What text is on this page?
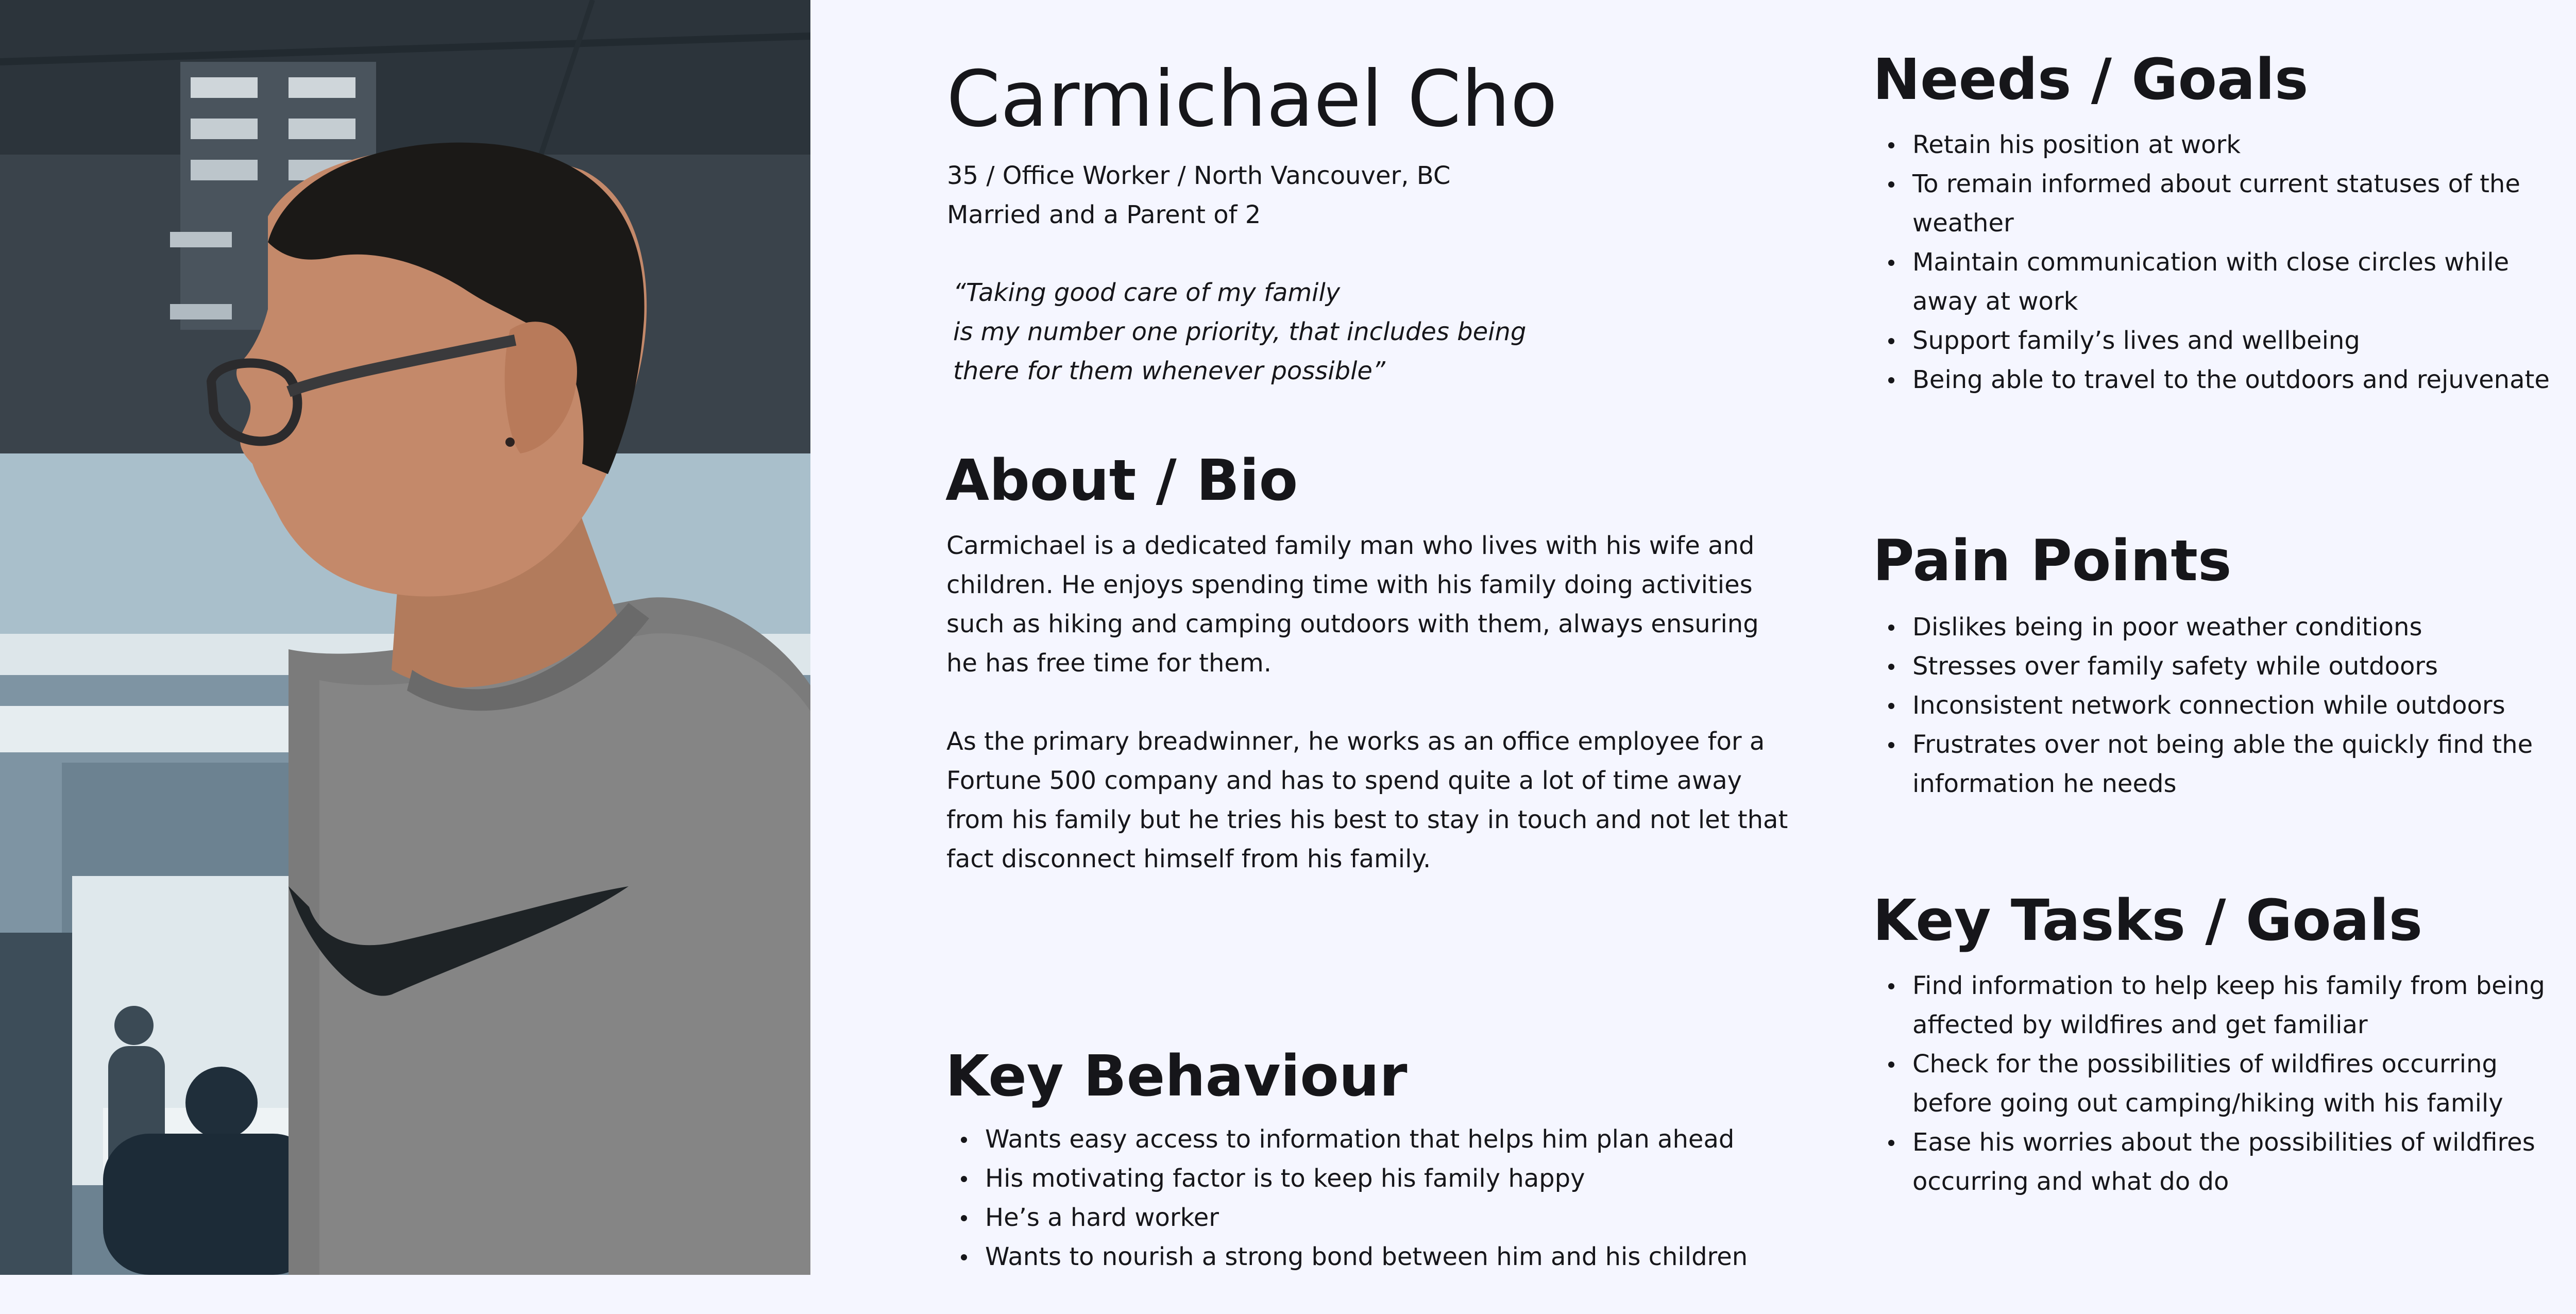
Carmichael Cho

35 / Office Worker / North Vancouver, BC

Married and a Parent of 2

“Taking good care of my family
is my number one priority, that includes being
there for them whenever possible”

About / Bio

Carmichael is a dedicated family man who lives with his wife and
children. He enjoys spending time with his family doing activities
such as hiking and camping outdoors with them, always ensuring
he has free time for them.

As the primary breadwinner, he works as an office employee for a
Fortune 500 company and has to spend quite a lot of time away
from his family but he tries his best to stay in touch and not let that
fact disconnect himself from his family.

Key Behaviour
Wants easy access to information that helps him plan ahead
His motivating factor is to keep his family happy
He’s a hard worker
Wants to nourish a strong bond between him and his children
Needs / Goals
Retain his position at work
To remain informed about current statuses of the
weather
Maintain communication with close circles while
away at work
Support family’s lives and wellbeing
Being able to travel to the outdoors and rejuvenate
Pain Points
Dislikes being in poor weather conditions
Stresses over family safety while outdoors
Inconsistent network connection while outdoors
Frustrates over not being able the quickly find the
information he needs
Key Tasks / Goals
Find information to help keep his family from being
affected by wildfires and get familiar
Check for the possibilities of wildfires occurring
before going out camping/hiking with his family
Ease his worries about the possibilities of wildfires
occurring and what do do
